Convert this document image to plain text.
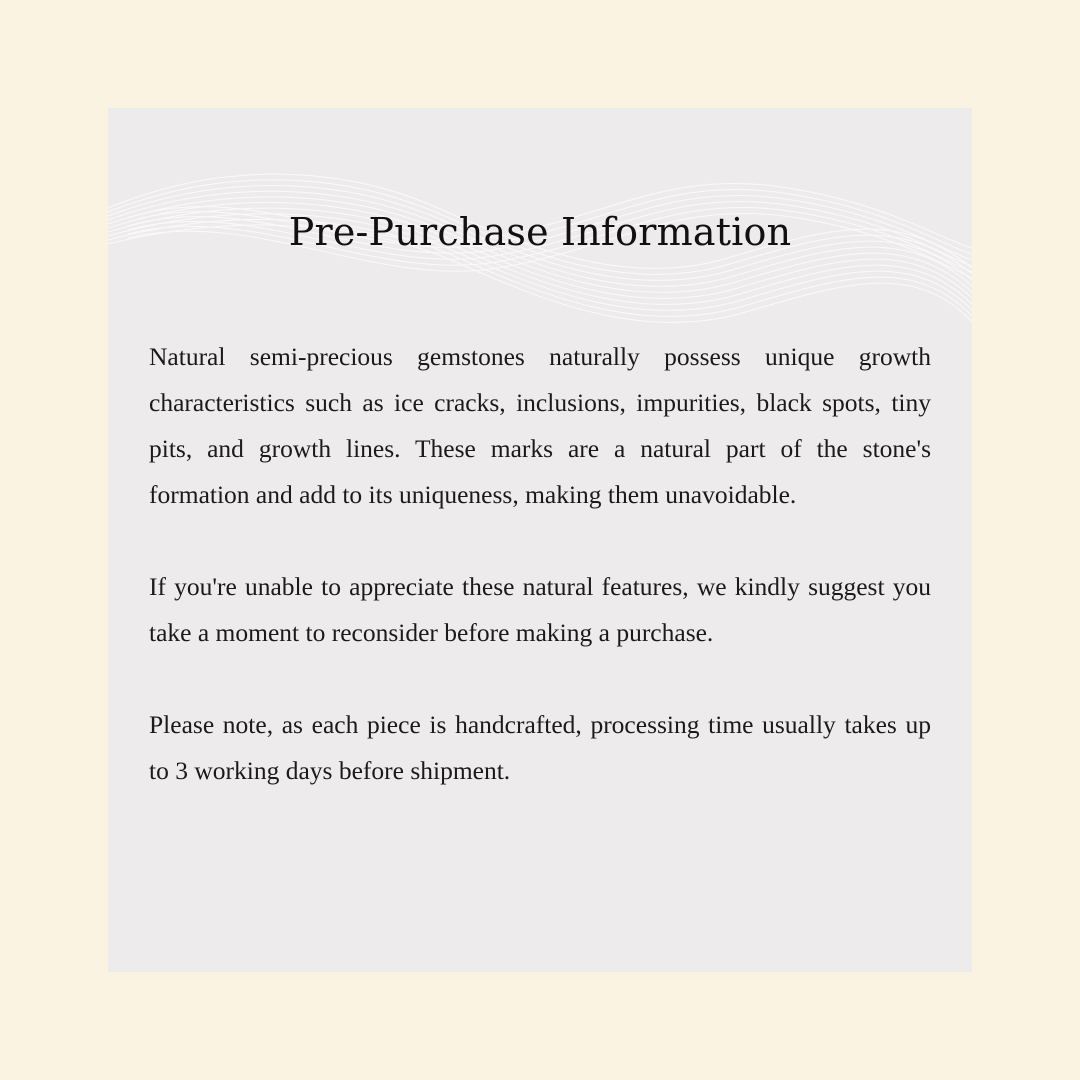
Pre-Purchase Information

Natural semi-precious gemstones naturally possess unique growth characteristics such as ice cracks, inclusions, impurities, black spots, tiny pits, and growth lines. These marks are a natural part of the stone's formation and add to its uniqueness, making them unavoidable.

If you're unable to appreciate these natural features, we kindly suggest you take a moment to reconsider before making a purchase.

Please note, as each piece is handcrafted, processing time usually takes up to 3 working days before shipment.
